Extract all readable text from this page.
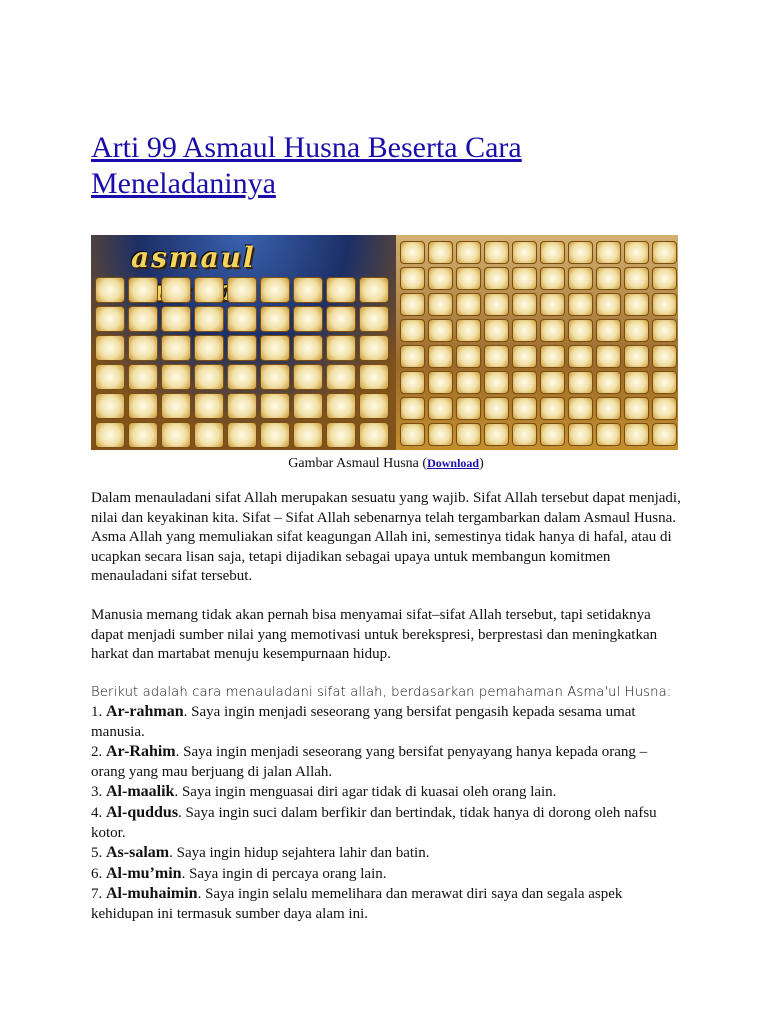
Arti 99 Asmaul Husna Beserta Cara Meneladaninya
asmaul
Gambar Asmaul Husna (Download)

Dalam menauladani sifat Allah merupakan sesuatu yang wajib. Sifat Allah tersebut dapat menjadi, nilai dan keyakinan kita. Sifat – Sifat Allah sebenarnya telah tergambarkan dalam Asmaul Husna. Asma Allah yang memuliakan sifat keagungan Allah ini, semestinya tidak hanya di hafal, atau di ucapkan secara lisan saja, tetapi dijadikan sebagai upaya untuk membangun komitmen menauladani sifat tersebut.

Manusia memang tidak akan pernah bisa menyamai sifat–sifat Allah tersebut, tapi setidaknya dapat menjadi sumber nilai yang memotivasi untuk berekspresi, berprestasi dan meningkatkan harkat dan martabat menuju kesempurnaan hidup.

Berikut adalah cara menauladani sifat allah, berdasarkan pemahaman Asma'ul Husna:

1. Ar-rahman. Saya ingin menjadi seseorang yang bersifat pengasih kepada sesama umat manusia.
2. Ar-Rahim. Saya ingin menjadi seseorang yang bersifat penyayang hanya kepada orang – orang yang mau berjuang di jalan Allah.
3. Al-maalik. Saya ingin menguasai diri agar tidak di kuasai oleh orang lain.
4. Al-quddus. Saya ingin suci dalam berfikir dan bertindak, tidak hanya di dorong oleh nafsu kotor.
5. As-salam. Saya ingin hidup sejahtera lahir dan batin.
6. Al-mu’min. Saya ingin di percaya orang lain.
7. Al-muhaimin. Saya ingin selalu memelihara dan merawat diri saya dan segala aspek kehidupan ini termasuk sumber daya alam ini.
